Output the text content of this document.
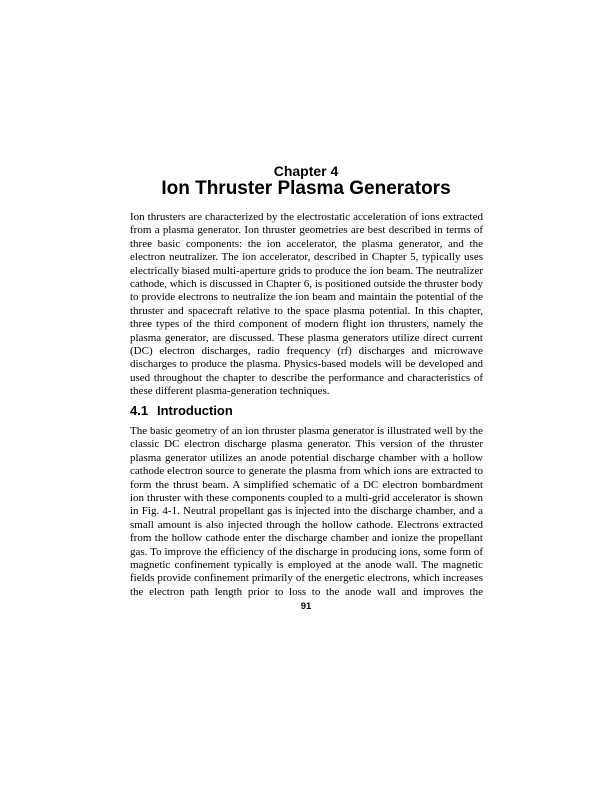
Chapter 4
Ion Thruster Plasma Generators
Ion thrusters are characterized by the electrostatic acceleration of ions extracted
from a plasma generator. Ion thruster geometries are best described in terms of
three basic components: the ion accelerator, the plasma generator, and the
electron neutralizer. The ion accelerator, described in Chapter 5, typically uses
electrically biased multi-aperture grids to produce the ion beam. The neutralizer
cathode, which is discussed in Chapter 6, is positioned outside the thruster body
to provide electrons to neutralize the ion beam and maintain the potential of the
thruster and spacecraft relative to the space plasma potential. In this chapter,
three types of the third component of modern flight ion thrusters, namely the
plasma generator, are discussed. These plasma generators utilize direct current
(DC) electron discharges, radio frequency (rf) discharges and microwave
discharges to produce the plasma. Physics-based models will be developed and
used throughout the chapter to describe the performance and characteristics of
these different plasma-generation techniques.
4.1 Introduction
The basic geometry of an ion thruster plasma generator is illustrated well by the
classic DC electron discharge plasma generator. This version of the thruster
plasma generator utilizes an anode potential discharge chamber with a hollow
cathode electron source to generate the plasma from which ions are extracted to
form the thrust beam. A simplified schematic of a DC electron bombardment
ion thruster with these components coupled to a multi-grid accelerator is shown
in Fig. 4-1. Neutral propellant gas is injected into the discharge chamber, and a
small amount is also injected through the hollow cathode. Electrons extracted
from the hollow cathode enter the discharge chamber and ionize the propellant
gas. To improve the efficiency of the discharge in producing ions, some form of
magnetic confinement typically is employed at the anode wall. The magnetic
fields provide confinement primarily of the energetic electrons, which increases
the electron path length prior to loss to the anode wall and improves the
91
